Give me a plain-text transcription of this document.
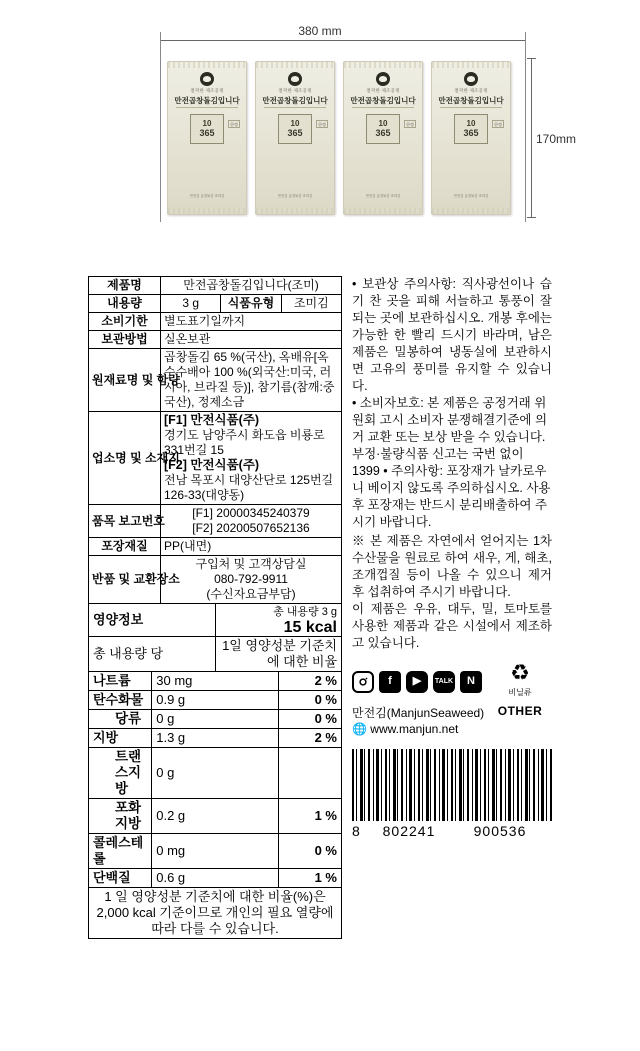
380 mm
170mm
철저한 제조공정
만전곱창돌김입니다
10
365
한정
만전김 곱창돌김 조미김
철저한 제조공정
만전곱창돌김입니다
10
365
한정
만전김 곱창돌김 조미김
철저한 제조공정
만전곱창돌김입니다
10
365
한정
만전김 곱창돌김 조미김
철저한 제조공정
만전곱창돌김입니다
10
365
한정
만전김 곱창돌김 조미김
제품명	만전곱창돌김입니다(조미)		
내용량	3 g	식품유형	조미김
소비기한	별도표기일까지		
보관방법	실온보관		
원재료명 및 함량	곱창돌김 65 %(국산), 옥배유[옥수수배아 100 %(외국산:미국, 러시아, 브라질 등)], 참기름(참깨:중국산), 정제소금		
업소명 및 소재지	[F1] 만전식품(주)
경기도 남양주시 화도읍 비룡로 331번길 15
[F2] 만전식품(주)
전남 목포시 대양산단로 125번길 126-33(대양동)		

품목 보고번호	[F1] 20000345240379
[F2] 20200507652136		

포장재질	PP(내면)		
반품 및 교환장소	구입처 및 고객상담실
080-792-9911
(수신자요금부담)		
영양정보		총 내용량 3 g
15 kcal	

총 내용량 당		1일 영양성분 기준치에 대한 비율	
나트륨	30 mg		2 %
탄수화물	0.9 g		0 %
당류	0 g		0 %
지방	1.3 g		2 %
트랜스지방	0 g		
포화지방	0.2 g		1 %
콜레스테롤	0 mg		0 %
단백질	0.6 g		1 %
1 일 영양성분 기준치에 대한 비율(%)은 2,000 kcal 기준이므로 개인의 필요 열량에 따라 다를 수 있습니다.			
• 보관상 주의사항: 직사광선이나 습기 찬 곳을 피해 서늘하고 통풍이 잘 되는 곳에 보관하십시오. 개봉 후에는 가능한 한 빨리 드시기 바라며, 남은 제품은 밀봉하여 냉동실에 보관하시면 고유의 풍미를 유지할 수 있습니다.
• 소비자보호: 본 제품은 공정거래 위원회 고시 소비자 분쟁해결기준에 의거 교환 또는 보상 받을 수 있습니다. 부정·불량식품 신고는 국번 없이 1399 • 주의사항: 포장재가 날카로우니 베이지 않도록 주의하십시오. 사용 후 포장재는 반드시 분리배출하여 주시기 바랍니다.
※ 본 제품은 자연에서 얻어지는 1차 수산물을 원료로 하여 새우, 게, 해초, 조개껍질 등이 나올 수 있으니 제거 후 섭취하여 주시기 바랍니다.
이 제품은 우유, 대두, 밀, 토마토를 사용한 제품과 같은 시설에서 제조하고 있습니다.
f	▶	TALK	N	♻
비닐류
만전김(ManjunSeaweed)
🌐 www.manjun.net
OTHER
8	802241	900536
